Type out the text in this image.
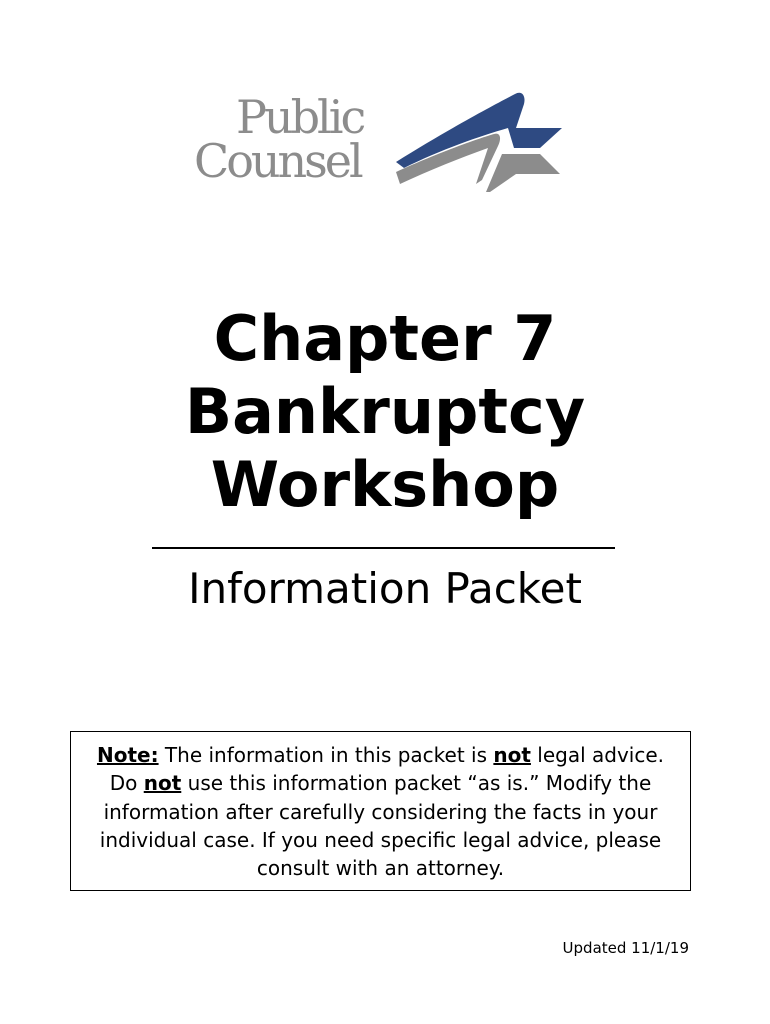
Public
Counsel
Chapter 7
Bankruptcy
Workshop
Information Packet
Note: The information in this packet is not legal advice. Do not use this information packet “as is.” Modify the information after carefully considering the facts in your individual case. If you need specific legal advice, please consult with an attorney.
Updated 11/1/19
